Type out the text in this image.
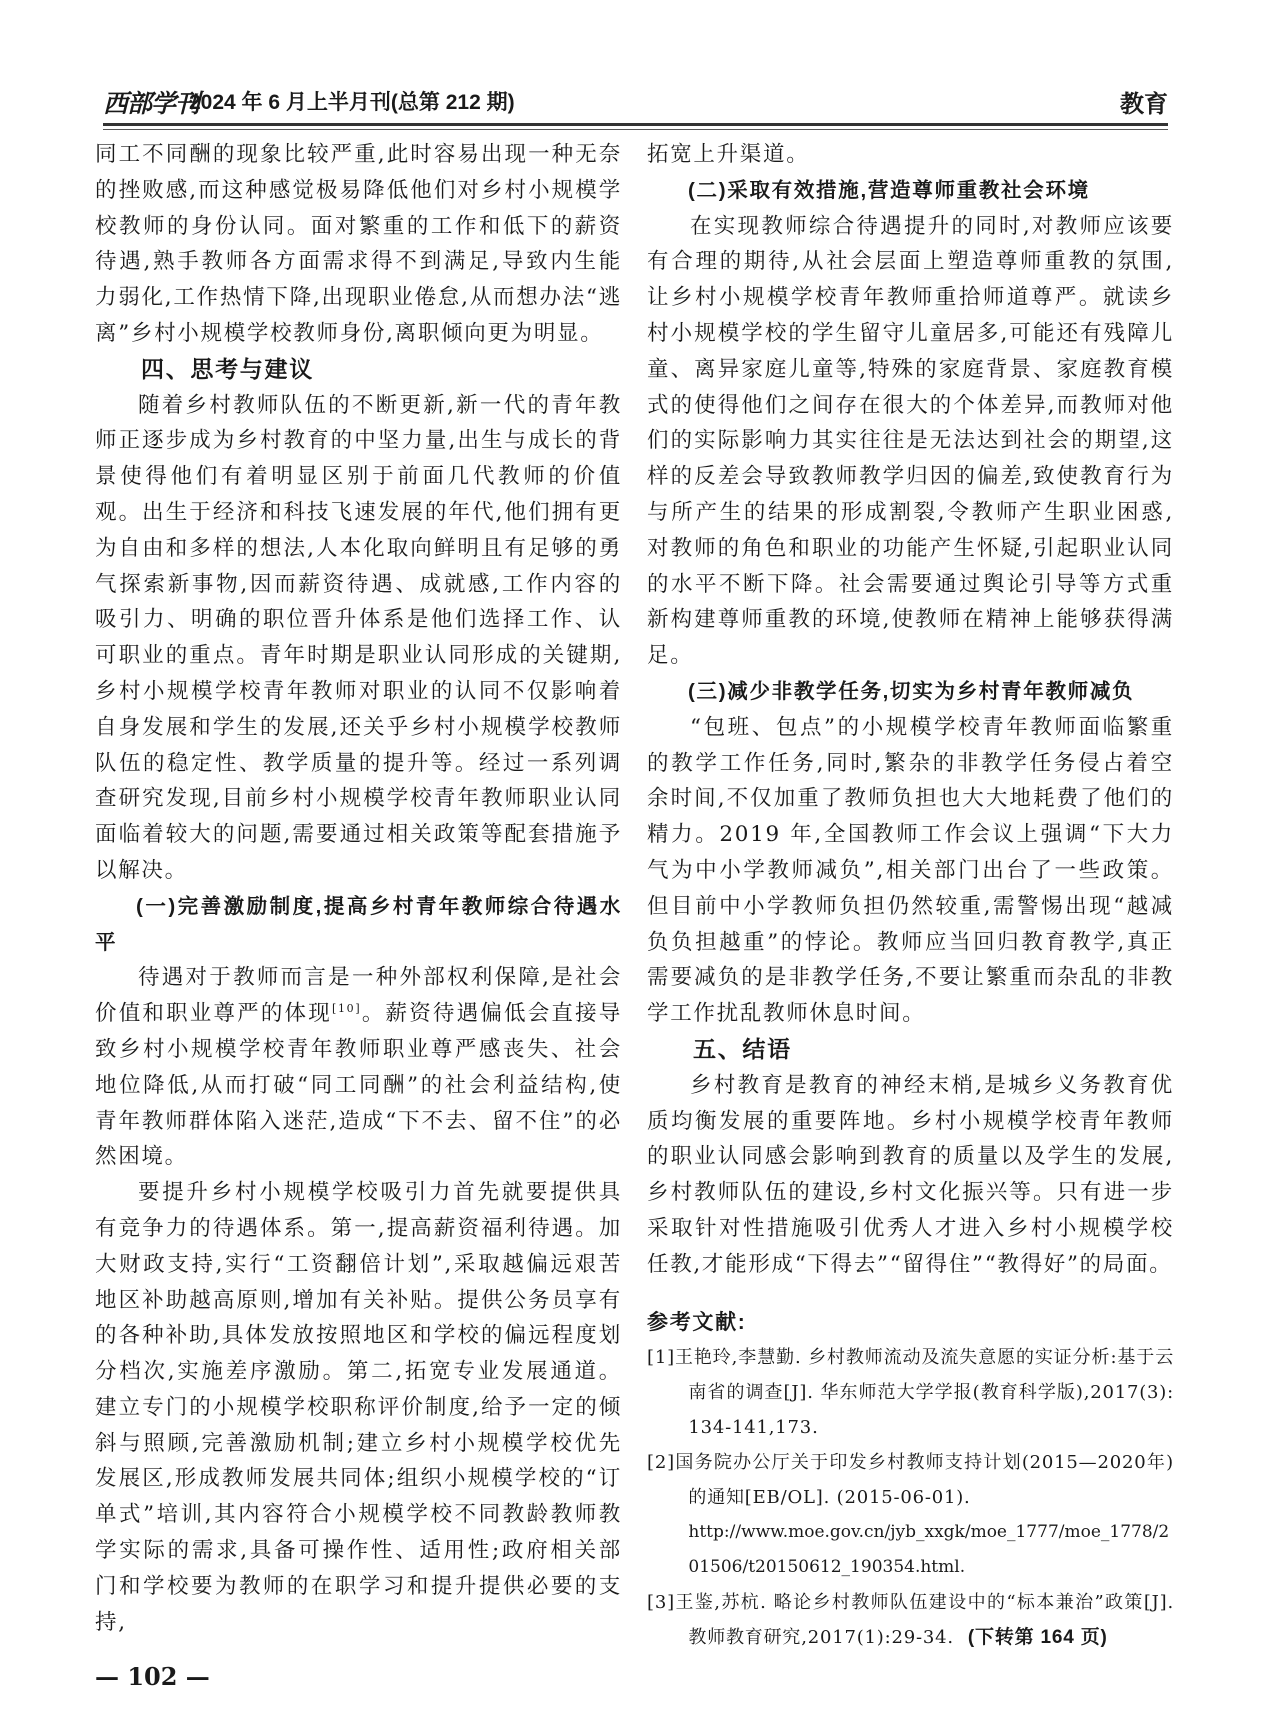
西部学刊
2024 年 6 月上半月刊(总第 212 期)	教育

同工不同酬的现象比较严重,此时容易出现一种无奈的挫败感,而这种感觉极易降低他们对乡村小规模学校教师的身份认同。面对繁重的工作和低下的薪资待遇,熟手教师各方面需求得不到满足,导致内生能力弱化,工作热情下降,出现职业倦怠,从而想办法“逃离”乡村小规模学校教师身份,离职倾向更为明显。

四、思考与建议

随着乡村教师队伍的不断更新,新一代的青年教师正逐步成为乡村教育的中坚力量,出生与成长的背景使得他们有着明显区别于前面几代教师的价值观。出生于经济和科技飞速发展的年代,他们拥有更为自由和多样的想法,人本化取向鲜明且有足够的勇气探索新事物,因而薪资待遇、成就感,工作内容的吸引力、明确的职位晋升体系是他们选择工作、认可职业的重点。青年时期是职业认同形成的关键期,乡村小规模学校青年教师对职业的认同不仅影响着自身发展和学生的发展,还关乎乡村小规模学校教师队伍的稳定性、教学质量的提升等。经过一系列调查研究发现,目前乡村小规模学校青年教师职业认同面临着较大的问题,需要通过相关政策等配套措施予以解决。

(一)完善激励制度,提高乡村青年教师综合待遇水平

待遇对于教师而言是一种外部权利保障,是社会价值和职业尊严的体现[10]。薪资待遇偏低会直接导致乡村小规模学校青年教师职业尊严感丧失、社会地位降低,从而打破“同工同酬”的社会利益结构,使青年教师群体陷入迷茫,造成“下不去、留不住”的必然困境。

要提升乡村小规模学校吸引力首先就要提供具有竞争力的待遇体系。第一,提高薪资福利待遇。加大财政支持,实行“工资翻倍计划”,采取越偏远艰苦地区补助越高原则,增加有关补贴。提供公务员享有的各种补助,具体发放按照地区和学校的偏远程度划分档次,实施差序激励。第二,拓宽专业发展通道。建立专门的小规模学校职称评价制度,给予一定的倾斜与照顾,完善激励机制;建立乡村小规模学校优先发展区,形成教师发展共同体;组织小规模学校的“订单式”培训,其内容符合小规模学校不同教龄教师教学实际的需求,具备可操作性、适用性;政府相关部门和学校要为教师的在职学习和提升提供必要的支持,

拓宽上升渠道。

(二)采取有效措施,营造尊师重教社会环境

在实现教师综合待遇提升的同时,对教师应该要有合理的期待,从社会层面上塑造尊师重教的氛围,让乡村小规模学校青年教师重拾师道尊严。就读乡村小规模学校的学生留守儿童居多,可能还有残障儿童、离异家庭儿童等,特殊的家庭背景、家庭教育模式的使得他们之间存在很大的个体差异,而教师对他们的实际影响力其实往往是无法达到社会的期望,这样的反差会导致教师教学归因的偏差,致使教育行为与所产生的结果的形成割裂,令教师产生职业困惑,对教师的角色和职业的功能产生怀疑,引起职业认同的水平不断下降。社会需要通过舆论引导等方式重新构建尊师重教的环境,使教师在精神上能够获得满足。

(三)减少非教学任务,切实为乡村青年教师减负

“包班、包点”的小规模学校青年教师面临繁重的教学工作任务,同时,繁杂的非教学任务侵占着空余时间,不仅加重了教师负担也大大地耗费了他们的精力。2019 年,全国教师工作会议上强调“下大力气为中小学教师减负”,相关部门出台了一些政策。但目前中小学教师负担仍然较重,需警惕出现“越减负负担越重”的悖论。教师应当回归教育教学,真正需要减负的是非教学任务,不要让繁重而杂乱的非教学工作扰乱教师休息时间。

五、结语

乡村教育是教育的神经末梢,是城乡义务教育优质均衡发展的重要阵地。乡村小规模学校青年教师的职业认同感会影响到教育的质量以及学生的发展,乡村教师队伍的建设,乡村文化振兴等。只有进一步采取针对性措施吸引优秀人才进入乡村小规模学校任教,才能形成“下得去”“留得住”“教得好”的局面。

参考文献:
[1]王艳玲,李慧勤. 乡村教师流动及流失意愿的实证分析:基于云南省的调查[J]. 华东师范大学学报(教育科学版),2017(3):134-141,173.
[2]国务院办公厅关于印发乡村教师支持计划(2015—2020年)的通知[EB/OL]. (2015-06-01).
http://www.moe.gov.cn/jyb_xxgk/moe_1777/moe_1778/201506/t20150612_190354.html.
[3]王鉴,苏杭. 略论乡村教师队伍建设中的“标本兼治”政策[J]. 教师教育研究,2017(1):29-34. (下转第 164 页)
— 102 —
